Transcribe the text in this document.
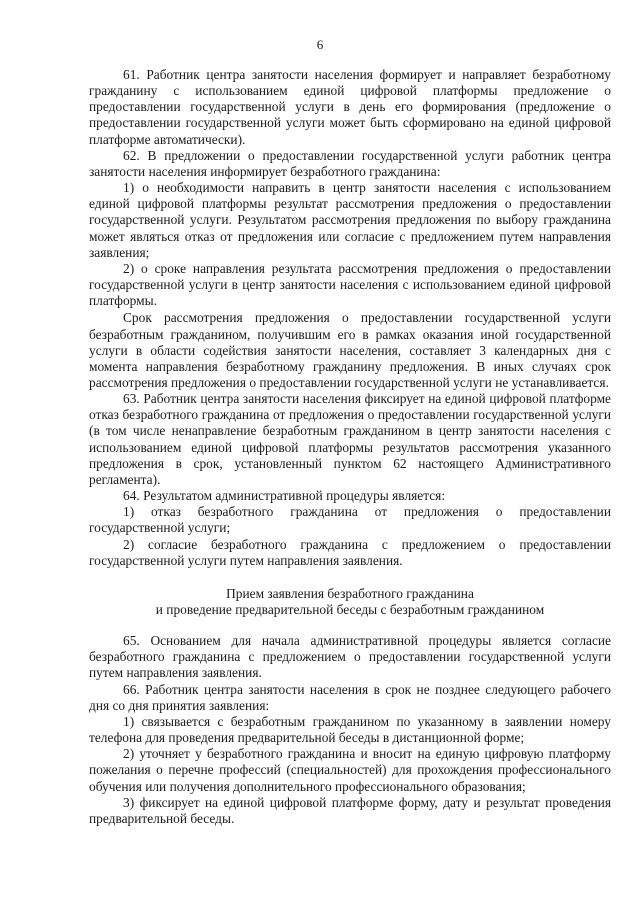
6

61. Работник центра занятости населения формирует и направляет безработному гражданину с использованием единой цифровой платформы предложение о предоставлении государственной услуги в день его формирования (предложение о предоставлении государственной услуги может быть сформировано на единой цифровой платформе автоматически).

62. В предложении о предоставлении государственной услуги работник центра занятости населения информирует безработного гражданина:

1) о необходимости направить в центр занятости населения с использованием единой цифровой платформы результат рассмотрения предложения о предоставлении государственной услуги. Результатом рассмотрения предложения по выбору гражданина может являться отказ от предложения или согласие с предложением путем направления заявления;

2) о сроке направления результата рассмотрения предложения о предоставлении государственной услуги в центр занятости населения с использованием единой цифровой платформы.

Срок рассмотрения предложения о предоставлении государственной услуги безработным гражданином, получившим его в рамках оказания иной государственной услуги в области содействия занятости населения, составляет 3 календарных дня с момента направления безработному гражданину предложения. В иных случаях срок рассмотрения предложения о предоставлении государственной услуги не устанавливается.

63. Работник центра занятости населения фиксирует на единой цифровой платформе отказ безработного гражданина от предложения о предоставлении государственной услуги (в том числе ненаправление безработным гражданином в центр занятости населения с использованием единой цифровой платформы результатов рассмотрения указанного предложения в срок, установленный пунктом 62 настоящего Административного регламента).

64. Результатом административной процедуры является:

1) отказ безработного гражданина от предложения о предоставлении государственной услуги;

2) согласие безработного гражданина с предложением о предоставлении государственной услуги путем направления заявления.

Прием заявления безработного гражданина
и проведение предварительной беседы с безработным гражданином

65. Основанием для начала административной процедуры является согласие безработного гражданина с предложением о предоставлении государственной услуги путем направления заявления.

66. Работник центра занятости населения в срок не позднее следующего рабочего дня со дня принятия заявления:

1) связывается с безработным гражданином по указанному в заявлении номеру телефона для проведения предварительной беседы в дистанционной форме;

2) уточняет у безработного гражданина и вносит на единую цифровую платформу пожелания о перечне профессий (специальностей) для прохождения профессионального обучения или получения дополнительного профессионального образования;

3) фиксирует на единой цифровой платформе форму, дату и результат проведения предварительной беседы.
